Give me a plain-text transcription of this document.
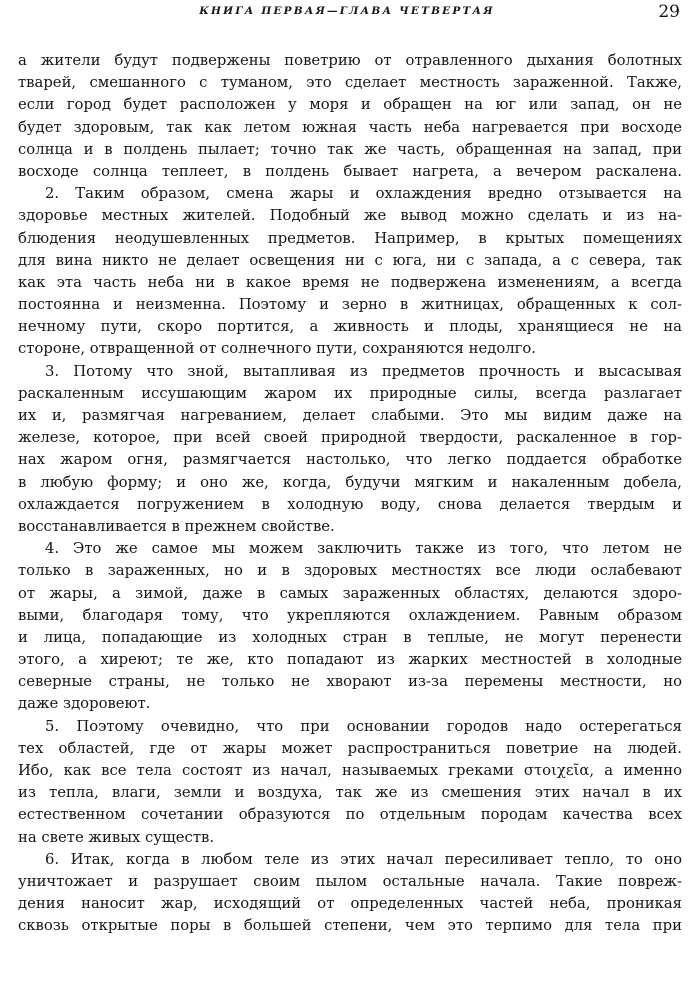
КНИГА ПЕРВАЯ—ГЛАВА ЧЕТВЕРТАЯ	29
а жители будут подвержены поветрию от отравленного дыхания болотных
тварей, смешанного с туманом, это сделает местность зараженной. Также,
если город будет расположен у моря и обращен на юг или запад, он не
будет здоровым, так как летом южная часть неба нагревается при восходе
солнца и в полдень пылает; точно так же часть, обращенная на запад, при
восходе солнца теплеет, в полдень бывает нагрета, а вечером раскалена.
2. Таким образом, смена жары и охлаждения вредно отзывается на
здоровье местных жителей. Подобный же вывод можно сделать и из на-
блюдения неодушевленных предметов. Например, в крытых помещениях
для вина никто не делает освещения ни с юга, ни с запада, а с севера, так
как эта часть неба ни в какое время не подвержена изменениям, а всегда
постоянна и неизменна. Поэтому и зерно в житницах, обращенных к сол-
нечному пути, скоро портится, а живность и плоды, хранящиеся не на
стороне, отвращенной от солнечного пути, сохраняются недолго.
3. Потому что зной, вытапливая из предметов прочность и высасывая
раскаленным иссушающим жаром их природные силы, всегда разлагает
их и, размягчая нагреванием, делает слабыми. Это мы видим даже на
железе, которое, при всей своей природной твердости, раскаленное в гор-
нах жаром огня, размягчается настолько, что легко поддается обработке
в любую форму; и оно же, когда, будучи мягким и накаленным добела,
охлаждается погружением в холодную воду, снова делается твердым и
восстанавливается в прежнем свойстве.
4. Это же самое мы можем заключить также из того, что летом не
только в зараженных, но и в здоровых местностях все люди ослабевают
от жары, а зимой, даже в самых зараженных областях, делаются здоро-
выми, благодаря тому, что укрепляются охлаждением. Равным образом
и лица, попадающие из холодных стран в теплые, не могут перенести
этого, а хиреют; те же, кто попадают из жарких местностей в холодные
северные страны, не только не хворают из-за перемены местности, но
даже здоровеют.
5. Поэтому очевидно, что при основании городов надо остерегаться
тех областей, где от жары может распространиться поветрие на людей.
Ибо, как все тела состоят из начал, называемых греками στοιχεῖα, а именно
из тепла, влаги, земли и воздуха, так же из смешения этих начал в их
естественном сочетании образуются по отдельным породам качества всех
на свете живых существ.
6. Итак, когда в любом теле из этих начал пересиливает тепло, то оно
уничтожает и разрушает своим пылом остальные начала. Такие повреж-
дения наносит жар, исходящий от определенных частей неба, проникая
сквозь открытые поры в большей степени, чем это терпимо для тела при
